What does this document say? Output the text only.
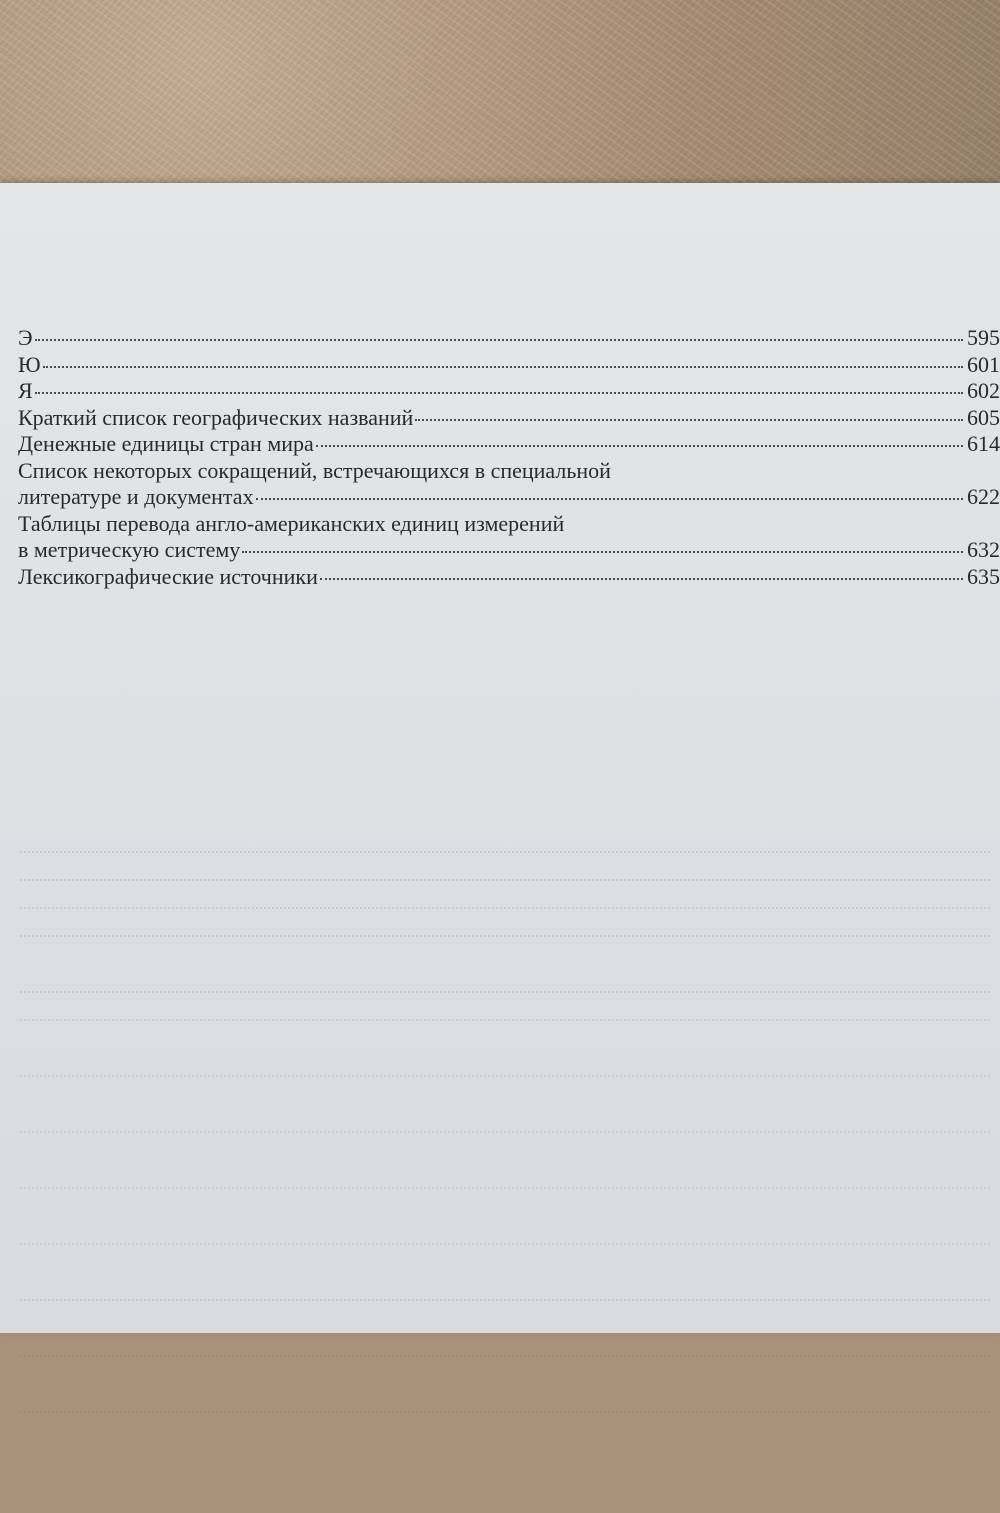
Э	595
Ю	601
Я	602
Краткий список географических названий	605
Денежные единицы стран мира	614
Список некоторых сокращений, встречающихся в специальной
литературе и документах	622
Таблицы перевода англо-американских единиц измерений
в метрическую систему	632
Лексикографические источники	635
